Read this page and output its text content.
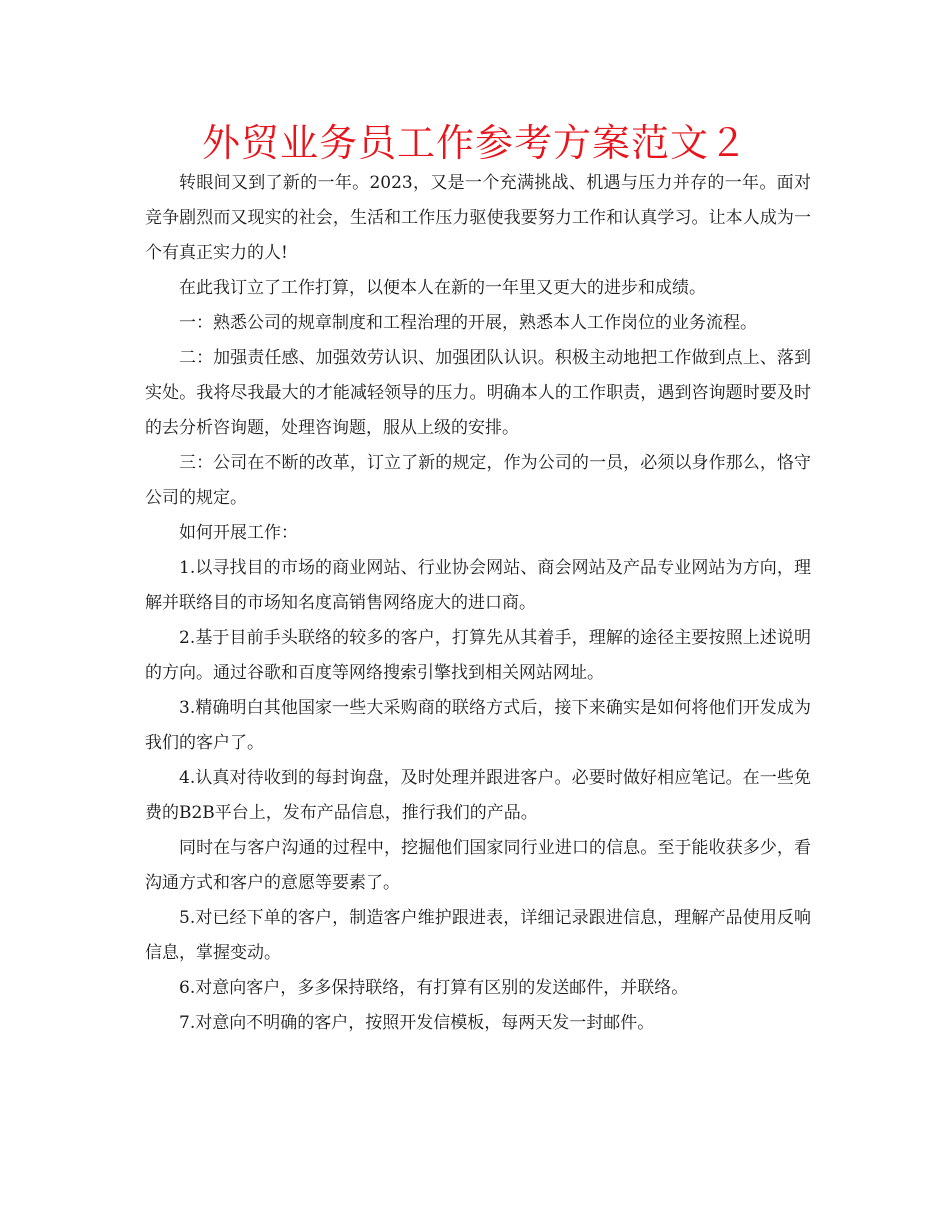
外贸业务员工作参考方案范文２

转眼间又到了新的一年。2023，又是一个充满挑战、机遇与压力并存的一年。面对竞争剧烈而又现实的社会，生活和工作压力驱使我要努力工作和认真学习。让本人成为一个有真正实力的人!

在此我订立了工作打算，以便本人在新的一年里又更大的进步和成绩。

一：熟悉公司的规章制度和工程治理的开展，熟悉本人工作岗位的业务流程。

二：加强责任感、加强效劳认识、加强团队认识。积极主动地把工作做到点上、落到实处。我将尽我最大的才能减轻领导的压力。明确本人的工作职责，遇到咨询题时要及时的去分析咨询题，处理咨询题，服从上级的安排。

三：公司在不断的改革，订立了新的规定，作为公司的一员，必须以身作那么，恪守公司的规定。

如何开展工作：

1.以寻找目的市场的商业网站、行业协会网站、商会网站及产品专业网站为方向，理解并联络目的市场知名度高销售网络庞大的进口商。

2.基于目前手头联络的较多的客户，打算先从其着手，理解的途径主要按照上述说明的方向。通过谷歌和百度等网络搜索引擎找到相关网站网址。

3.精确明白其他国家一些大采购商的联络方式后，接下来确实是如何将他们开发成为我们的客户了。

4.认真对待收到的每封询盘，及时处理并跟进客户。必要时做好相应笔记。在一些免费的B2B平台上，发布产品信息，推行我们的产品。

同时在与客户沟通的过程中，挖掘他们国家同行业进口的信息。至于能收获多少，看沟通方式和客户的意愿等要素了。

5.对已经下单的客户，制造客户维护跟进表，详细记录跟进信息，理解产品使用反响信息，掌握变动。

6.对意向客户，多多保持联络，有打算有区别的发送邮件，并联络。

7.对意向不明确的客户，按照开发信模板，每两天发一封邮件。
